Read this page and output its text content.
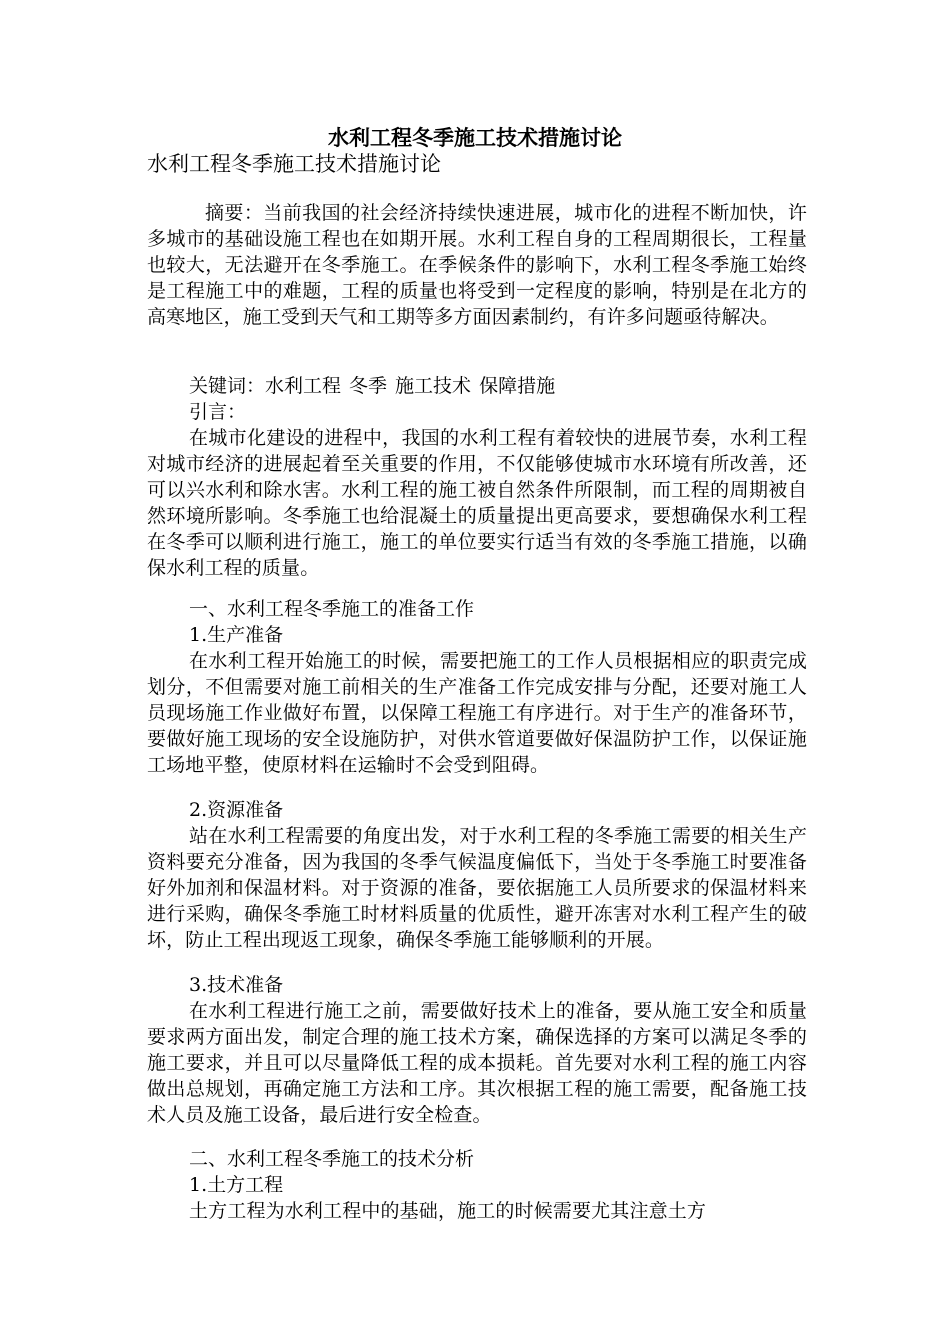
水利工程冬季施工技术措施讨论
水利工程冬季施工技术措施讨论
摘要：当前我国的社会经济持续快速进展，城市化的进程不断加快，许多城市的基础设施工程也在如期开展。水利工程自身的工程周期很长，工程量也较大，无法避开在冬季施工。在季候条件的影响下，水利工程冬季施工始终是工程施工中的难题，工程的质量也将受到一定程度的影响，特别是在北方的高寒地区，施工受到天气和工期等多方面因素制约，有许多问题亟待解决。
关键词：水利工程 冬季 施工技术 保障措施
引言：
在城市化建设的进程中，我国的水利工程有着较快的进展节奏，水利工程对城市经济的进展起着至关重要的作用，不仅能够使城市水环境有所改善，还可以兴水利和除水害。水利工程的施工被自然条件所限制，而工程的周期被自然环境所影响。冬季施工也给混凝土的质量提出更高要求，要想确保水利工程在冬季可以顺利进行施工，施工的单位要实行适当有效的冬季施工措施，以确保水利工程的质量。
一、水利工程冬季施工的准备工作
1.生产准备
在水利工程开始施工的时候，需要把施工的工作人员根据相应的职责完成划分，不但需要对施工前相关的生产准备工作完成安排与分配，还要对施工人员现场施工作业做好布置，以保障工程施工有序进行。对于生产的准备环节，要做好施工现场的安全设施防护，对供水管道要做好保温防护工作，以保证施工场地平整，使原材料在运输时不会受到阻碍。
2.资源准备
站在水利工程需要的角度出发，对于水利工程的冬季施工需要的相关生产资料要充分准备，因为我国的冬季气候温度偏低下，当处于冬季施工时要准备好外加剂和保温材料。对于资源的准备，要依据施工人员所要求的保温材料来进行采购，确保冬季施工时材料质量的优质性，避开冻害对水利工程产生的破坏，防止工程出现返工现象，确保冬季施工能够顺利的开展。
3.技术准备
在水利工程进行施工之前，需要做好技术上的准备，要从施工安全和质量要求两方面出发，制定合理的施工技术方案，确保选择的方案可以满足冬季的施工要求，并且可以尽量降低工程的成本损耗。首先要对水利工程的施工内容做出总规划，再确定施工方法和工序。其次根据工程的施工需要，配备施工技术人员及施工设备，最后进行安全检查。
二、水利工程冬季施工的技术分析
1.土方工程
土方工程为水利工程中的基础，施工的时候需要尤其注意土方
